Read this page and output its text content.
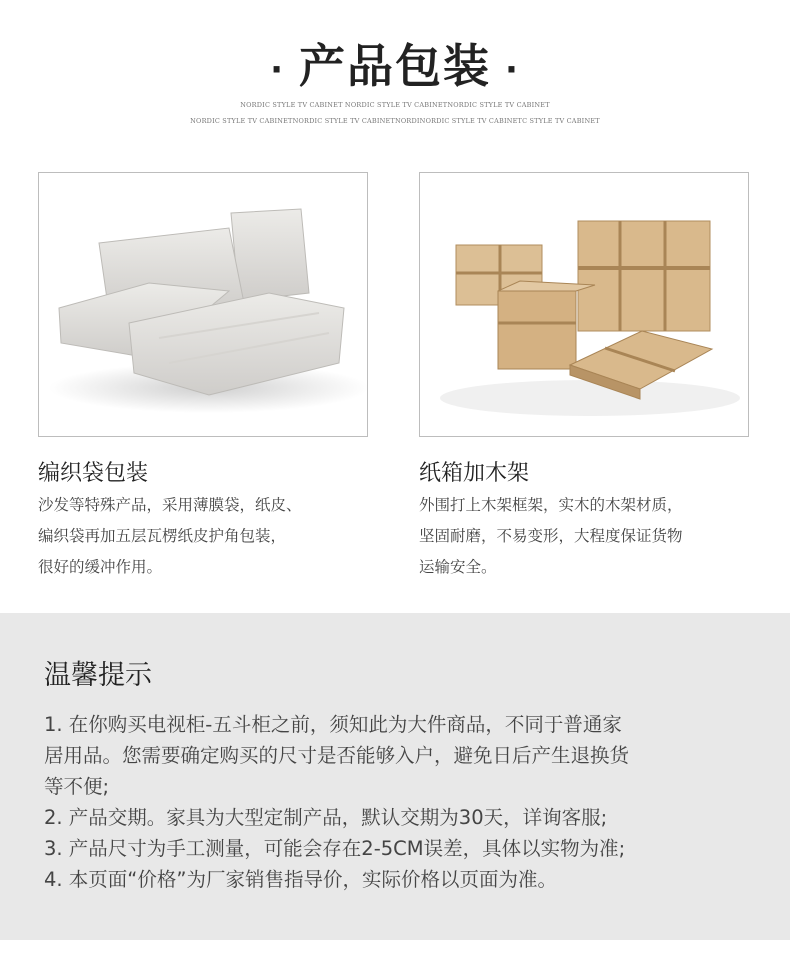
· 产品包装 ·
NORDIC STYLE TV CABINET NORDIC STYLE TV CABINETNORDIC STYLE TV CABINET
NORDIC STYLE TV CABINETNORDIC STYLE TV CABINETNORDINORDIC STYLE TV CABINETC STYLE TV CABINET
编织袋包装
沙发等特殊产品，采用薄膜袋，纸皮、
编织袋再加五层瓦楞纸皮护角包装，
很好的缓冲作用。
纸箱加木架
外围打上木架框架，实木的木架材质，
坚固耐磨，不易变形，大程度保证货物
运输安全。
温馨提示
1. 在你购买电视柜-五斗柜之前，须知此为大件商品，不同于普通家
居用品。您需要确定购买的尺寸是否能够入户，避免日后产生退换货
等不便;
2. 产品交期。家具为大型定制产品，默认交期为30天，详询客服;
3. 产品尺寸为手工测量，可能会存在2-5CM误差，具体以实物为准;
4. 本页面“价格”为厂家销售指导价，实际价格以页面为准。
